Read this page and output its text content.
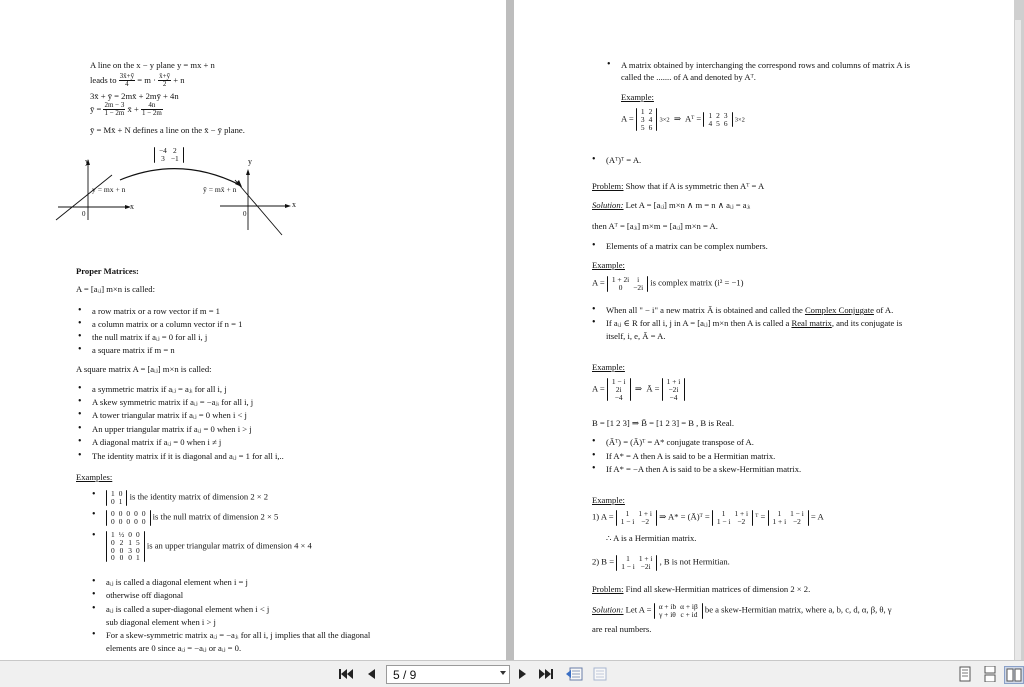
A line on the x − y plane y = mx + n
leads to $\frac{3x̄+ȳ}{4} = m \cdot \frac{x̄+ȳ}{2} + n$
3x̄ + ȳ = 2mx̄ + 2mȳ + 4n
ȳ = $\frac{2m - 3}{1 - 2m}$ x̄ + $\frac{4n}{1 - 2m}$
ȳ = Mx̄ + N defines a line on the x̄ − ȳ plane.
y	y
x	x
0	0
y = mx + n	ȳ = mx̄ + n
−4	2
3	−1
Proper Matrices:
A = [aᵢⱼ] m×n is called:
• a row matrix or a row vector if m = 1
• a column matrix or a column vector if n = 1
• the null matrix if aᵢⱼ = 0 for all i, j
• a square matrix if m = n
A square matrix A = [aᵢⱼ] m×n is called:
• a symmetric matrix if aᵢⱼ = aⱼᵢ for all i, j
• A skew symmetric matrix if aᵢⱼ = −aⱼᵢ for all i, j
• A tower triangular matrix if aᵢⱼ = 0 when i < j
• An upper triangular matrix if aᵢⱼ = 0 when i > j
• A diagonal matrix if aᵢⱼ = 0 when i ≠ j
• The identity matrix if it is diagonal and aᵢⱼ = 1 for all i,..
Examples:
• 1	0
0	1 is the identity matrix of dimension 2 × 2
• 0	0	0	0	0
0	0	0	0	0 is the null matrix of dimension 2 × 5
• 1	½	0	0
0	2	1	5
0	0	3	0
0	0	0	1
is an upper triangular matrix of dimension 4 × 4
• aᵢⱼ is called a diagonal element when i = j
• otherwise off diagonal
• aᵢⱼ is called a super-diagonal element when i < j
sub diagonal element when i > j
• For a skew-symmetric matrix aᵢⱼ = −aⱼᵢ for all i, j implies that all the diagonal
elements are 0 since aᵢⱼ = −aᵢⱼ or aᵢⱼ = 0.
• A matrix obtained by interchanging the correspond rows and columns of matrix A is
called the ....... of A and denoted by Aᵀ.
Example:
A =
1	2
3	4
5	6
3×2 ⇒ Aᵀ = 1	2	3
4	5	6 3×2
• (Aᵀ)ᵀ = A.
Problem: Show that if A is symmetric then Aᵀ = A
Solution: Let A = [aᵢⱼ] m×n ∧ m = n ∧ aᵢⱼ = aⱼᵢ
then Aᵀ = [aⱼᵢ] m×m = [aᵢⱼ] m×n = A.
• Elements of a matrix can be complex numbers.
Example:
A = 1 + 2i	i
0	−2i is complex matrix (i² = −1)
• When all " − i" a new matrix Ā is obtained and called the Complex Conjugate of A.
• If aᵢⱼ ∈ R for all i, j in A = [aᵢⱼ] m×n then A is called a Real matrix, and its conjugate is
itself, i, e, Ā = A.
Example:
A =
1 − i
2i
−4
⇒ Ā =
1 + i
−2i
−4
B = [1 2 3] ⇒ B̄ = [1 2 3] = B , B is Real.
• (Āᵀ) = (Ā)ᵀ = A* conjugate transpose of A.
• If A* = A then A is said to be a Hermitian matrix.
• If A* = −A then A is said to be a skew-Hermitian matrix.
Example:
1) A = 1	1 + i
1 − i	−2 ⇒ A* = (Ā)ᵀ = 1	1 + i
1 − i	−2 ᵀ = 1	1 − i
1 + i	−2 = A
∴ A is a Hermitian matrix.
2) B = 1	1 + i
1 − i	−2i , B is not Hermitian.
Problem: Find all skew-Hermitian matrices of dimension 2 × 2.
Solution: Let A = α + ib	α + iβ
γ + iθ	c + id be a skew-Hermitian matrix, where a, b, c, d, α, β, θ, γ
are real numbers.
5 / 9
